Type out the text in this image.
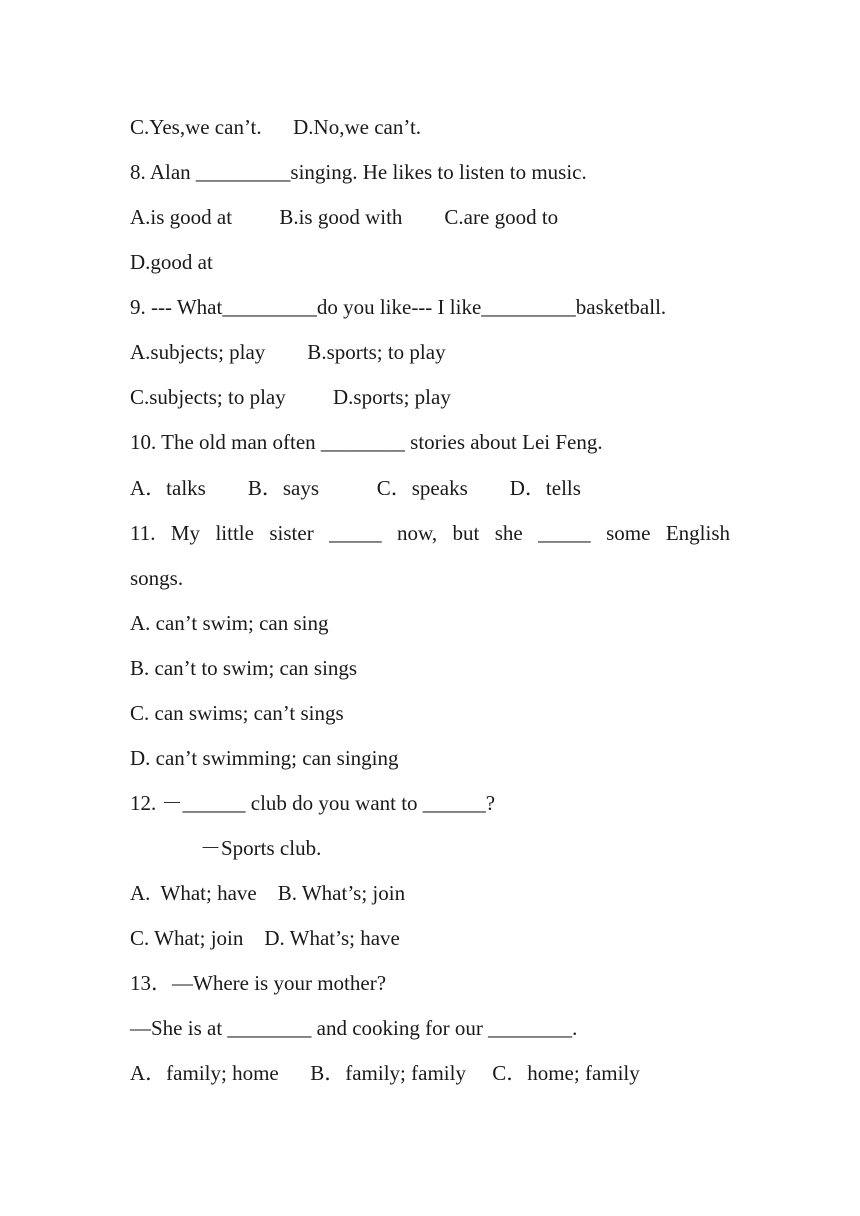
C.Yes,we can’t.      D.No,we can’t.
8. Alan _________singing. He likes to listen to music.
A.is good at         B.is good with        C.are good to
D.good at
9. --- What_________do you like--- I like_________basketball.
A.subjects; play        B.sports; to play
C.subjects; to play         D.sports; play
10. The old man often ________ stories about Lei Feng.
A．talks        B．says           C．speaks        D．tells
11. My little sister _____ now, but she _____ some English
songs.
A. can’t swim; can sing
B. can’t to swim; can sings
C. can swims; can’t sings
D. can’t swimming; can singing
12. －______ club do you want to ______?
－Sports club.
A.  What; have    B. What’s; join
C. What; join    D. What’s; have
13．—Where is your mother?
—She is at ________ and cooking for our ________.
A．family; home      B．family; family     C．home; family
